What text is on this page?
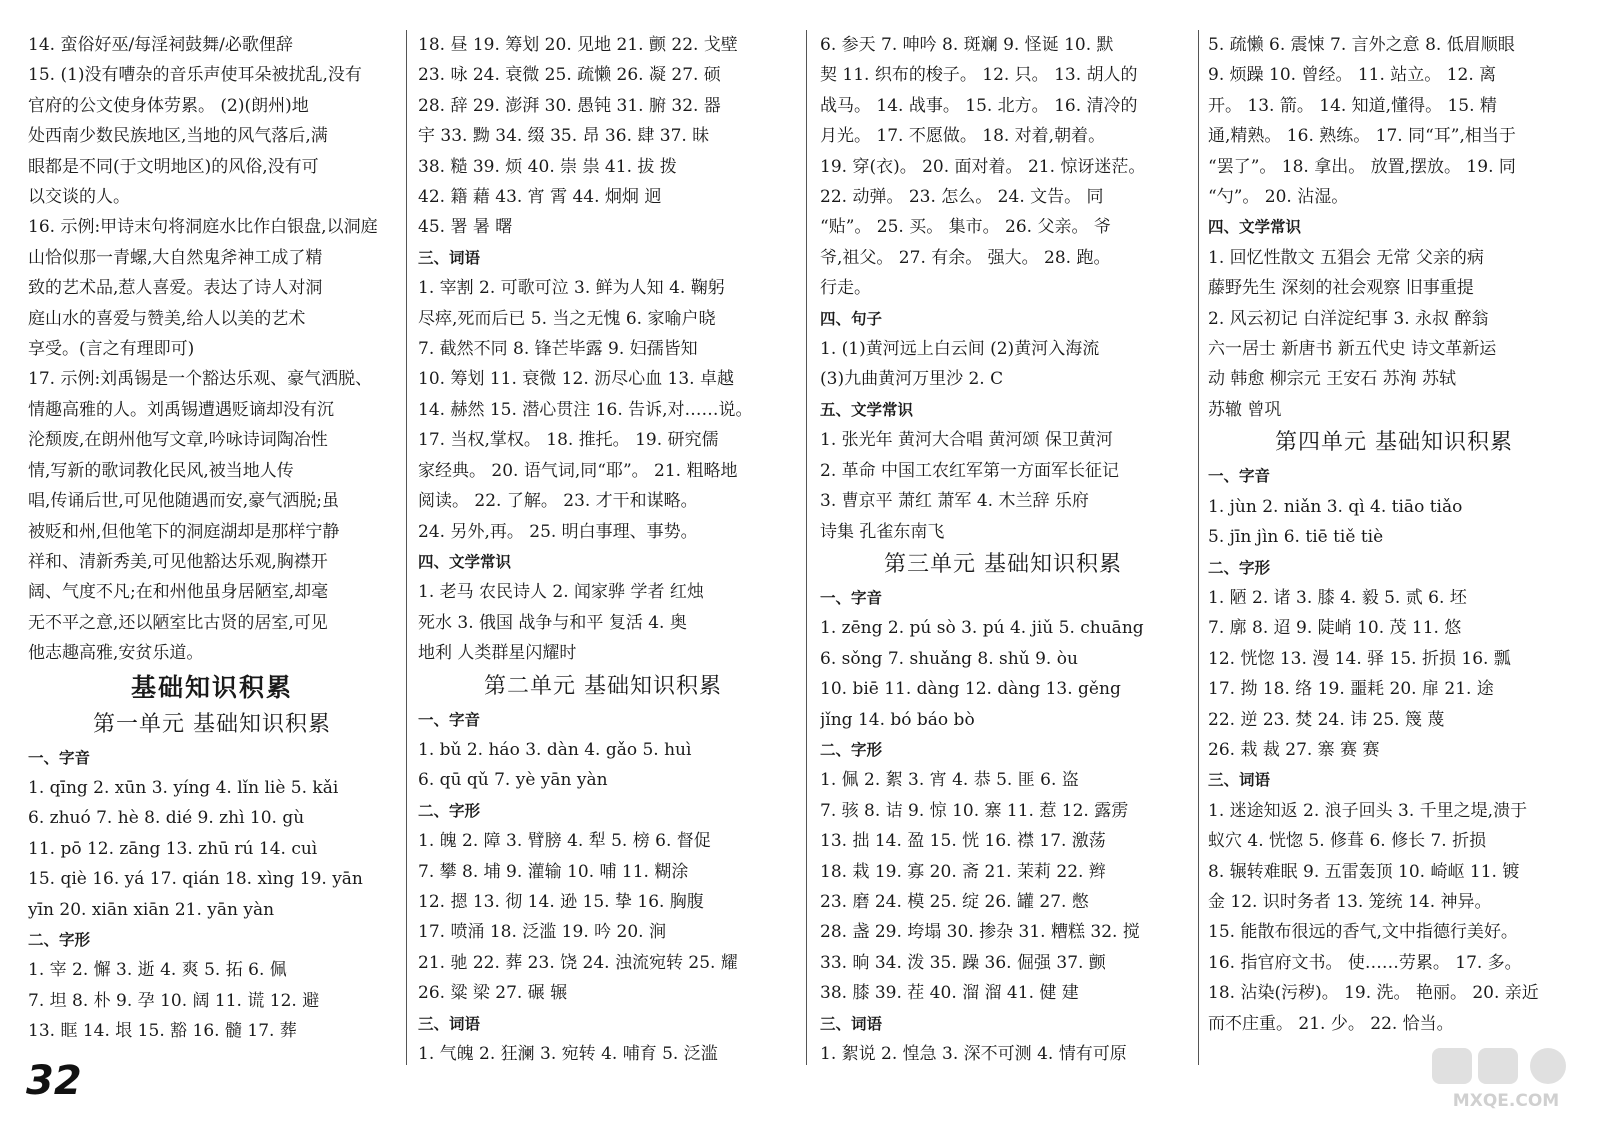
14. 蛮俗好巫/每淫祠鼓舞/必歌俚辞
15. (1)没有嘈杂的音乐声使耳朵被扰乱,没有
官府的公文使身体劳累。 (2)(朗州)地
处西南少数民族地区,当地的风气落后,满
眼都是不同(于文明地区)的风俗,没有可
以交谈的人。
16. 示例:甲诗末句将洞庭水比作白银盘,以洞庭
山恰似那一青螺,大自然鬼斧神工成了精
致的艺术品,惹人喜爱。表达了诗人对洞
庭山水的喜爱与赞美,给人以美的艺术
享受。(言之有理即可)
17. 示例:刘禹锡是一个豁达乐观、豪气洒脱、
情趣高雅的人。刘禹锡遭遇贬谪却没有沉
沦颓废,在朗州他写文章,吟咏诗词陶冶性
情,写新的歌词教化民风,被当地人传
唱,传诵后世,可见他随遇而安,豪气洒脱;虽
被贬和州,但他笔下的洞庭湖却是那样宁静
祥和、清新秀美,可见他豁达乐观,胸襟开
阔、气度不凡;在和州他虽身居陋室,却毫
无不平之意,还以陋室比古贤的居室,可见
他志趣高雅,安贫乐道。
基础知识积累
第一单元 基础知识积累
一、字音
1. qīng 2. xūn 3. yíng 4. lǐn liè 5. kǎi
6. zhuó 7. hè 8. dié 9. zhì 10. gù
11. pō 12. zāng 13. zhū rú 14. cuì
15. qiè 16. yá 17. qián 18. xìng 19. yān
yīn 20. xiān xiān 21. yān yàn
二、字形
1. 宰 2. 懈 3. 逝 4. 爽 5. 拓 6. 佩
7. 坦 8. 朴 9. 孕 10. 阔 11. 谎 12. 避
13. 眶 14. 垠 15. 豁 16. 髓 17. 葬
18. 昼 19. 筹划 20. 见地 21. 颤 22. 戈壁
23. 咏 24. 衰微 25. 疏懒 26. 凝 27. 硕
28. 辞 29. 澎湃 30. 愚钝 31. 腑 32. 器
宇 33. 黝 34. 缀 35. 昂 36. 肆 37. 昧
38. 糙 39. 烦 40. 崇 祟 41. 拔 拨
42. 籍 藉 43. 宵 霄 44. 炯炯 迥
45. 署 暑 曙
三、词语
1. 宰割 2. 可歌可泣 3. 鲜为人知 4. 鞠躬
尽瘁,死而后已 5. 当之无愧 6. 家喻户晓
7. 截然不同 8. 锋芒毕露 9. 妇孺皆知
10. 筹划 11. 衰微 12. 沥尽心血 13. 卓越
14. 赫然 15. 潜心贯注 16. 告诉,对……说。
17. 当权,掌权。 18. 推托。 19. 研究儒
家经典。 20. 语气词,同“耶”。 21. 粗略地
阅读。 22. 了解。 23. 才干和谋略。
24. 另外,再。 25. 明白事理、事势。
四、文学常识
1. 老马 农民诗人 2. 闻家骅 学者 红烛
死水 3. 俄国 战争与和平 复活 4. 奥
地利 人类群星闪耀时
第二单元 基础知识积累
一、字音
1. bǔ 2. háo 3. dàn 4. gǎo 5. huì
6. qū qǔ 7. yè yān yàn
二、字形
1. 魄 2. 障 3. 臂膀 4. 犁 5. 榜 6. 督促
7. 攀 8. 埔 9. 灌输 10. 哺 11. 糊涂
12. 摁 13. 彻 14. 逊 15. 挚 16. 胸腹
17. 喷涌 18. 泛滥 19. 吟 20. 涧
21. 驰 22. 葬 23. 饶 24. 浊流宛转 25. 耀
26. 粱 梁 27. 碾 辗
三、词语
1. 气魄 2. 狂澜 3. 宛转 4. 哺育 5. 泛滥
6. 参天 7. 呻吟 8. 斑斓 9. 怪诞 10. 默
契 11. 织布的梭子。 12. 只。 13. 胡人的
战马。 14. 战事。 15. 北方。 16. 清冷的
月光。 17. 不愿做。 18. 对着,朝着。
19. 穿(衣)。 20. 面对着。 21. 惊讶迷茫。
22. 动弹。 23. 怎么。 24. 文告。 同
“贴”。 25. 买。 集市。 26. 父亲。 爷
爷,祖父。 27. 有余。 强大。 28. 跑。
行走。
四、句子
1. (1)黄河远上白云间 (2)黄河入海流
(3)九曲黄河万里沙 2. C
五、文学常识
1. 张光年 黄河大合唱 黄河颂 保卫黄河
2. 革命 中国工农红军第一方面军长征记
3. 曹京平 萧红 萧军 4. 木兰辞 乐府
诗集 孔雀东南飞
第三单元 基础知识积累
一、字音
1. zēng 2. pú sò 3. pú 4. jiǔ 5. chuāng
6. sǒng 7. shuǎng 8. shǔ 9. òu
10. biē 11. dàng 12. dàng 13. gěng
jǐng 14. bó báo bò
二、字形
1. 佩 2. 絮 3. 宵 4. 恭 5. 匪 6. 盗
7. 骇 8. 诘 9. 惊 10. 寨 11. 惹 12. 露雳
13. 拙 14. 盈 15. 恍 16. 襟 17. 激荡
18. 栽 19. 寡 20. 斋 21. 茉莉 22. 辫
23. 磨 24. 模 25. 绽 26. 罐 27. 憋
28. 盏 29. 垮塌 30. 掺杂 31. 糟糕 32. 搅
33. 晌 34. 泼 35. 躁 36. 倔强 37. 颤
38. 膝 39. 茬 40. 溜 溜 41. 健 建
三、词语
1. 絮说 2. 惶急 3. 深不可测 4. 情有可原
5. 疏懒 6. 震悚 7. 言外之意 8. 低眉顺眼
9. 烦躁 10. 曾经。 11. 站立。 12. 离
开。 13. 箭。 14. 知道,懂得。 15. 精
通,精熟。 16. 熟练。 17. 同“耳”,相当于
“罢了”。 18. 拿出。 放置,摆放。 19. 同
“勺”。 20. 沾湿。
四、文学常识
1. 回忆性散文 五猖会 无常 父亲的病
藤野先生 深刻的社会观察 旧事重提
2. 风云初记 白洋淀纪事 3. 永叔 醉翁
六一居士 新唐书 新五代史 诗文革新运
动 韩愈 柳宗元 王安石 苏洵 苏轼
苏辙 曾巩
第四单元 基础知识积累
一、字音
1. jùn 2. niǎn 3. qì 4. tiāo tiǎo
5. jīn jìn 6. tiē tiě tiè
二、字形
1. 陋 2. 诸 3. 膝 4. 毅 5. 贰 6. 坯
7. 廓 8. 迢 9. 陡峭 10. 茂 11. 悠
12. 恍惚 13. 漫 14. 驿 15. 折损 16. 瓢
17. 拗 18. 络 19. 噩耗 20. 扉 21. 途
22. 逆 23. 焚 24. 讳 25. 篾 蔑
26. 栽 裁 27. 寨 赛 赛
三、词语
1. 迷途知返 2. 浪子回头 3. 千里之堤,溃于
蚁穴 4. 恍惚 5. 修葺 6. 修长 7. 折损
8. 辗转难眠 9. 五雷轰顶 10. 崎岖 11. 镀
金 12. 识时务者 13. 笼统 14. 神异。
15. 能散布很远的香气,文中指德行美好。
16. 指官府文书。 使……劳累。 17. 多。
18. 沾染(污秽)。 19. 洗。 艳丽。 20. 亲近
而不庄重。 21. 少。 22. 恰当。
32	MXQE.COM
